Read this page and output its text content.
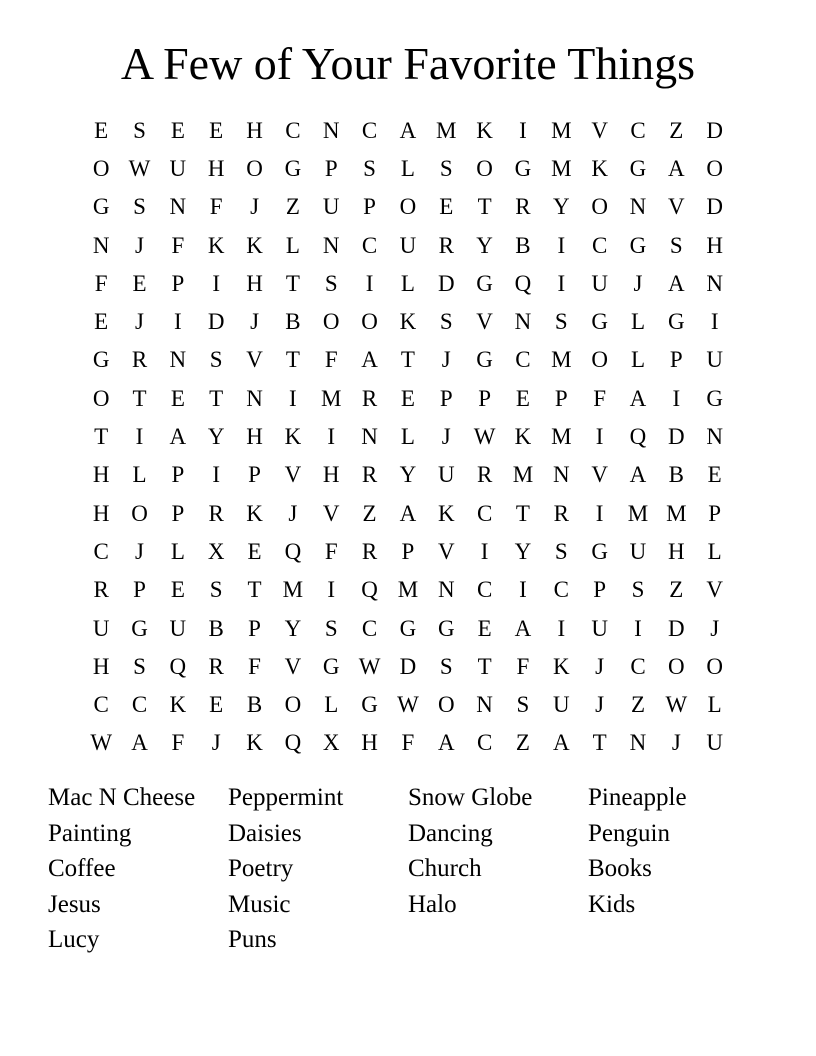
A Few of Your Favorite Things
E	S	E	E	H C N C A M K	I	M V C	Z	D
O W U H O G	P	S	L	S	O G M K G A O
G	S	N	F	J	Z	U	P	O	E	T	R Y O N V D
N	J	F	K K	L	N C U R Y B	I	C G	S	H
F	E	P	I	H	T	S	I	L	D G Q	I	U	J	A N
E	J	I	D	J	B O O K	S	V N	S	G	L	G	I
G R N	S	V	T	F	A	T	J	G C M O	L	P	U
O	T	E	T	N	I	M R	E	P	P	E	P	F	A	I	G
T	I	A Y H K	I	N	L	J	W K M	I	Q D N
H	L	P	I	P	V H R Y U R M N V A B	E
H O	P	R K	J	V	Z	A K C	T	R	I	M M P
C	J	L	X	E	Q	F	R	P	V	I	Y	S	G U H	L
R	P	E	S	T M	I	Q M N C	I	C	P	S	Z	V
U G U B	P	Y	S	C G G	E	A	I	U	I	D	J
H	S	Q R	F	V G W D	S	T	F	K	J	C O O
C	C K	E	B O	L	G W O N	S	U	J	Z W L
W A	F	J	K Q X H	F	A C	Z	A	T	N	J	U
Mac N Cheese	Peppermint	Snow Globe	Pineapple
Painting	Daisies	Dancing	Penguin
Coffee	Poetry	Church	Books
Jesus	Music	Halo	Kids
Lucy	Puns
